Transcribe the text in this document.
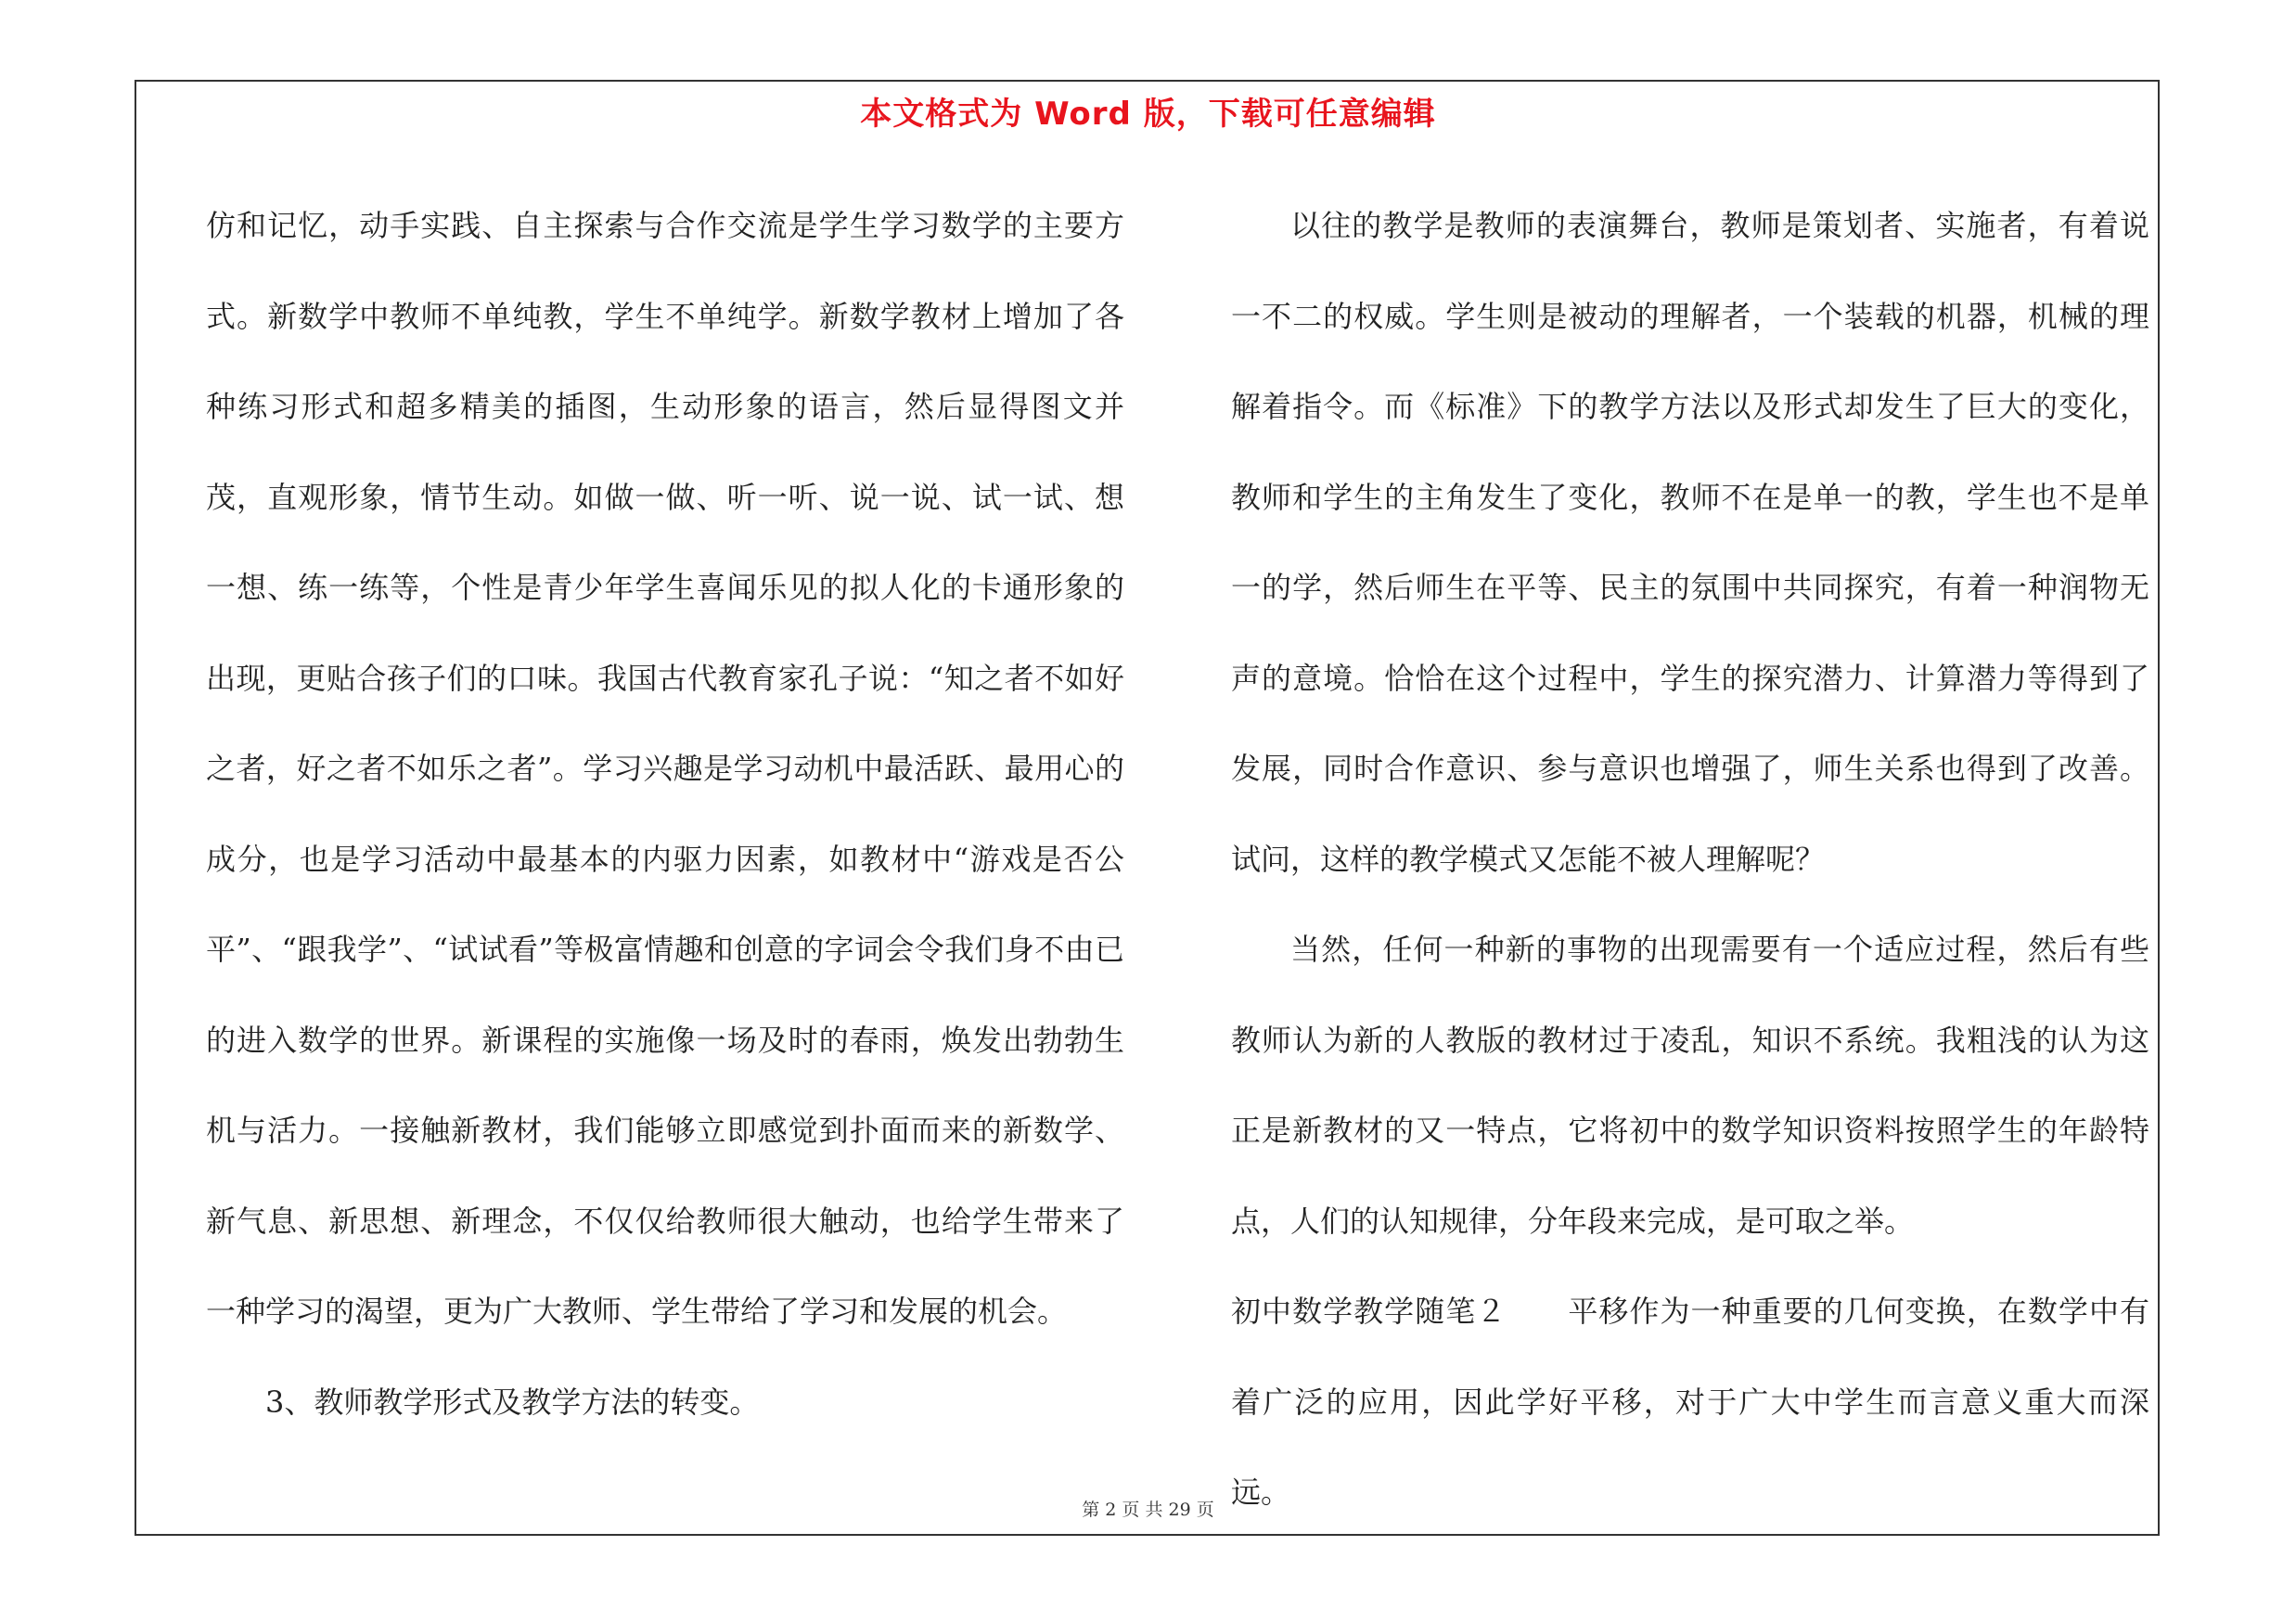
本文格式为 Word 版，下载可任意编辑

仿和记忆，动手实践、自主探索与合作交流是学生学习数学的主要方式。新数学中教师不单纯教，学生不单纯学。新数学教材上增加了各种练习形式和超多精美的插图，生动形象的语言，然后显得图文并茂，直观形象，情节生动。如做一做、听一听、说一说、试一试、想一想、练一练等，个性是青少年学生喜闻乐见的拟人化的卡通形象的出现，更贴合孩子们的口味。我国古代教育家孔子说：“知之者不如好之者，好之者不如乐之者”。学习兴趣是学习动机中最活跃、最用心的成分，也是学习活动中最基本的内驱力因素，如教材中“游戏是否公平”、“跟我学”、“试试看”等极富情趣和创意的字词会令我们身不由已的进入数学的世界。新课程的实施像一场及时的春雨，焕发出勃勃生机与活力。一接触新教材，我们能够立即感觉到扑面而来的新数学、新气息、新思想、新理念，不仅仅给教师很大触动，也给学生带来了一种学习的渴望，更为广大教师、学生带给了学习和发展的机会。

3、教师教学形式及教学方法的转变。

以往的教学是教师的表演舞台，教师是策划者、实施者，有着说一不二的权威。学生则是被动的理解者，一个装载的机器，机械的理解着指令。而《标准》下的教学方法以及形式却发生了巨大的变化，教师和学生的主角发生了变化，教师不在是单一的教，学生也不是单一的学，然后师生在平等、民主的氛围中共同探究，有着一种润物无声的意境。恰恰在这个过程中，学生的探究潜力、计算潜力等得到了发展，同时合作意识、参与意识也增强了，师生关系也得到了改善。试问，这样的教学模式又怎能不被人理解呢？

当然，任何一种新的事物的出现需要有一个适应过程，然后有些教师认为新的人教版的教材过于凌乱，知识不系统。我粗浅的认为这正是新教材的又一特点，它将初中的数学知识资料按照学生的年龄特点，人们的认知规律，分年段来完成，是可取之举。

初中数学教学随笔２　　平移作为一种重要的几何变换，在数学中有着广泛的应用，因此学好平移，对于广大中学生而言意义重大而深远。

第 2 页 共 29 页
